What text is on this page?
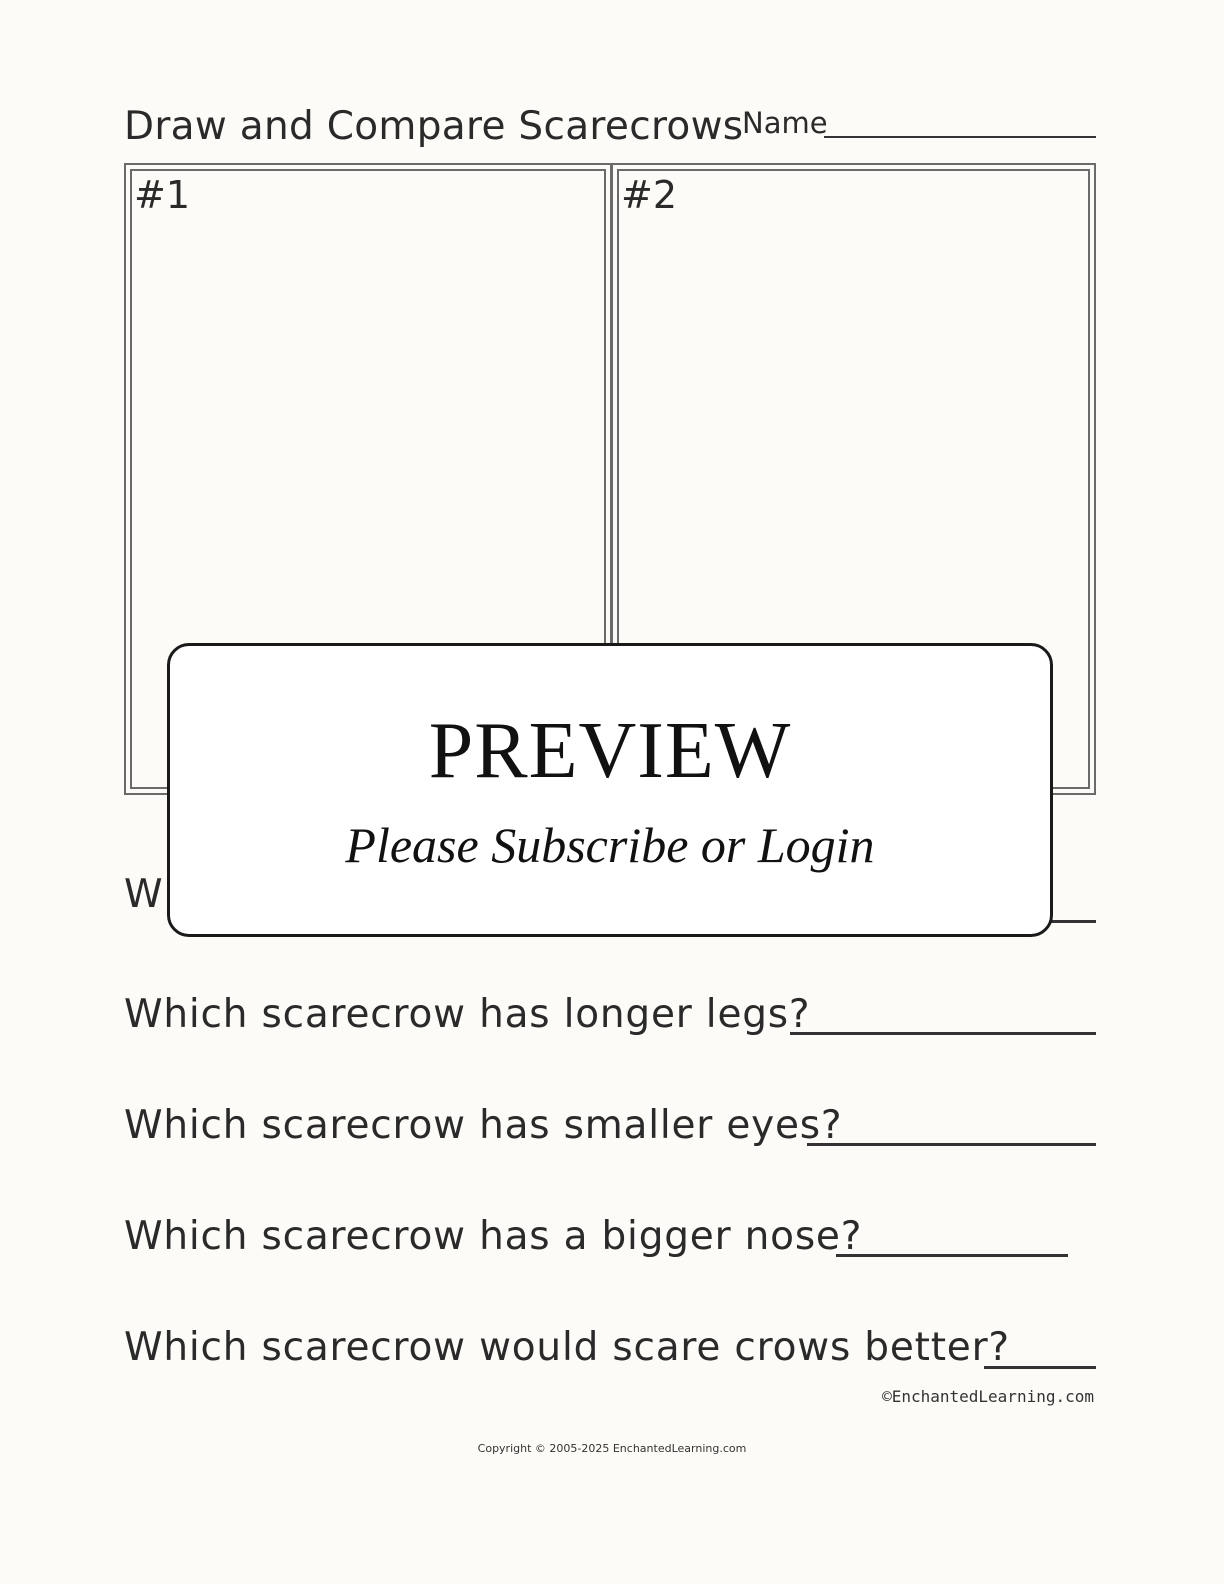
Draw and Compare Scarecrows
Name
#1	#2
W
Which scarecrow has longer legs?
Which scarecrow has smaller eyes?
Which scarecrow has a bigger nose?
Which scarecrow would scare crows better?
©EnchantedLearning.com
Copyright © 2005-2025 EnchantedLearning.com
PREVIEW
Please Subscribe or Login
